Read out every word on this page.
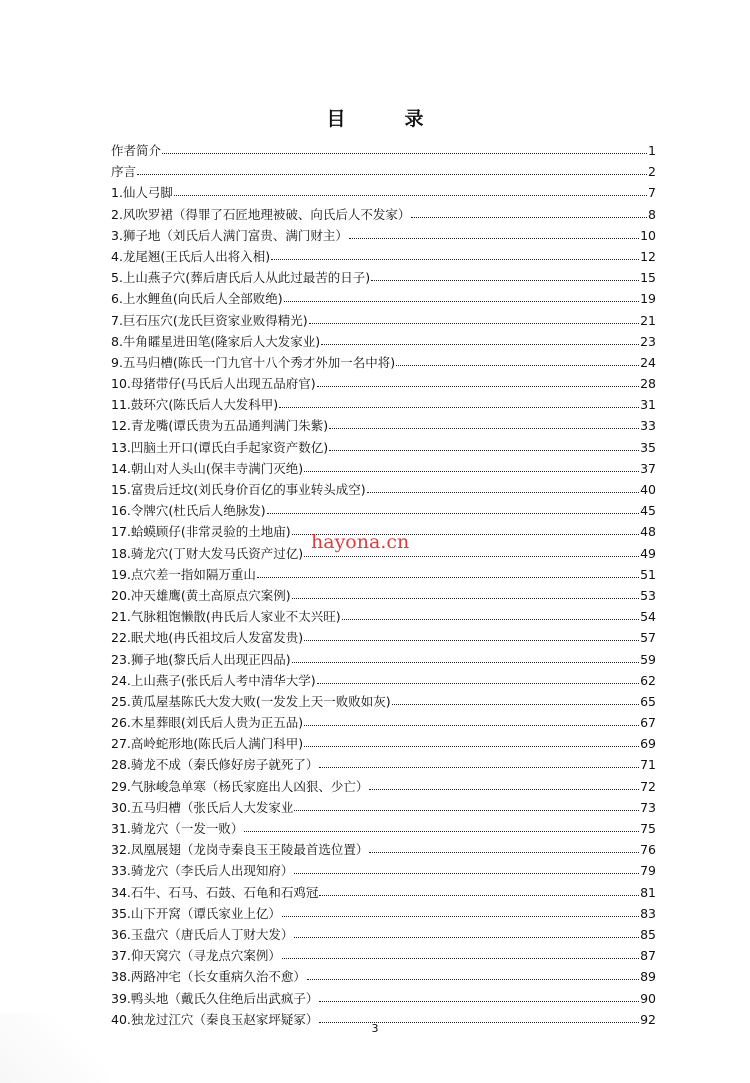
目　录
作者简介	1
序言	2
1.仙人弓脚	7
2.风吹罗裙（得罪了石匠地理被破、向氏后人不发家）	8
3.狮子地（刘氏后人满门富贵、满门财主）	10
4.龙尾翘(王氏后人出将入相)	12
5.上山燕子穴(葬后唐氏后人从此过最苦的日子)	15
6.上水鲤鱼(向氏后人全部败绝)	19
7.巨石压穴(龙氏巨资家业败得精光)	21
8.牛角矐星进田笔(隆家后人大发家业)	23
9.五马归槽(陈氏一门九官十八个秀才外加一名中将)	24
10.母猪带仔(马氏后人出现五品府官)	28
11.鼓环穴(陈氏后人大发科甲)	31
12.青龙嘴(谭氏贵为五品通判满门朱紫)	33
13.凹脑土开口(谭氏白手起家资产数亿)	35
14.朝山对人头山(保丰寺满门灭绝)	37
15.富贵后迁坟(刘氏身价百亿的事业转头成空)	40
16.令牌穴(杜氏后人绝脉发)	45
17.蛤蟆顾仔(非常灵验的土地庙)	48
18.骑龙穴(丁财大发马氏资产过亿)	49
19.点穴差一指如隔万重山	51
20.冲天雄鹰(黄土高原点穴案例)	53
21.气脉粗饱懒散(冉氏后人家业不太兴旺)	54
22.眠犬地(冉氏祖坟后人发富发贵)	57
23.狮子地(黎氏后人出现正四品)	59
24.上山燕子(张氏后人考中清华大学)	62
25.黄瓜屋基陈氏大发大败(一发发上天一败败如灰)	65
26.木星葬眼(刘氏后人贵为正五品)	67
27.高岭蛇形地(陈氏后人满门科甲)	69
28.骑龙不成（秦氏修好房子就死了）	71
29.气脉峻急单寒（杨氏家庭出人凶狠、少亡）	72
30.五马归槽（张氏后人大发家业	73
31.骑龙穴（一发一败）	75
32.凤凰展翅（龙岗寺秦良玉王陵最首选位置）	76
33.骑龙穴（李氏后人出现知府）	79
34.石牛、石马、石鼓、石龟和石鸡冠	81
35.山下开窝（谭氏家业上亿）	83
36.玉盘穴（唐氏后人丁财大发）	85
37.仰天窝穴（寻龙点穴案例）	87
38.两路冲宅（长女重病久治不愈）	89
39.鸭头地（戴氏久住绝后出武疯子）	90
40.独龙过江穴（秦良玉赵家坪疑冢）	92
hayona.cn
3
